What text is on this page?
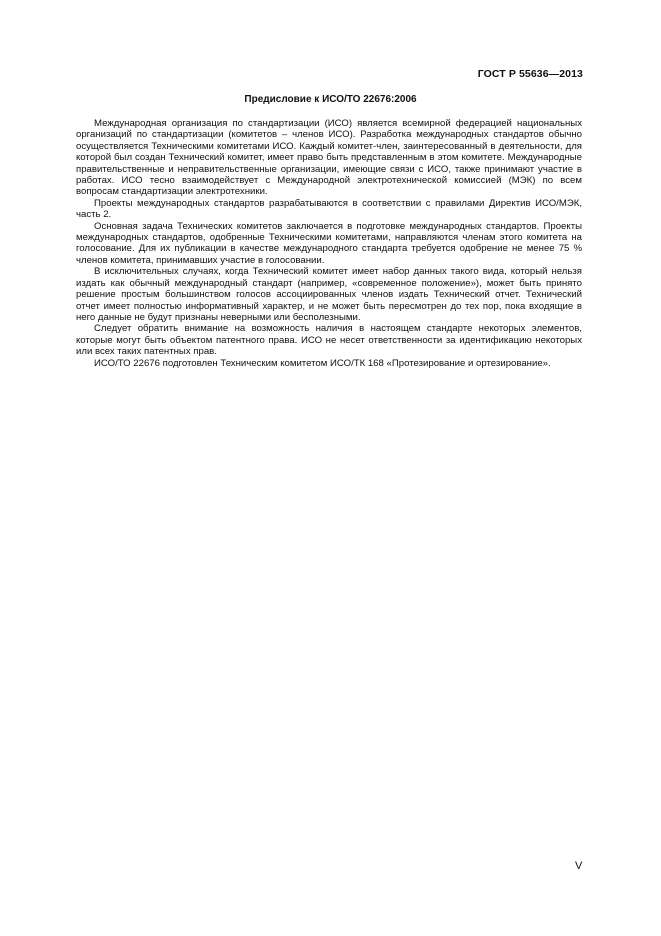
ГОСТ Р 55636—2013
Предисловие к ИСО/ТО 22676:2006

Международная организация по стандартизации (ИСО) является всемирной федерацией национальных организаций по стандартизации (комитетов – членов ИСО). Разработка международных стандартов обычно осуществляется Техническими комитетами ИСО. Каждый комитет-член, заинтересованный в деятельности, для которой был создан Технический комитет, имеет право быть представленным в этом комитете. Международные правительственные и неправительственные организации, имеющие связи с ИСО, также принимают участие в работах. ИСО тесно взаимодействует с Международной электротехнической комиссией (МЭК) по всем вопросам стандартизации электротехники.

Проекты международных стандартов разрабатываются в соответствии с правилами Директив ИСО/МЭК, часть 2.

Основная задача Технических комитетов заключается в подготовке международных стандартов. Проекты международных стандартов, одобренные Техническими комитетами, направляются членам этого комитета на голосование. Для их публикации в качестве международного стандарта требуется одобрение не менее 75 % членов комитета, принимавших участие в голосовании.

В исключительных случаях, когда Технический комитет имеет набор данных такого вида, который нельзя издать как обычный международный стандарт (например, «современное положение»), может быть принято решение простым большинством голосов ассоциированных членов издать Технический отчет. Технический отчет имеет полностью информативный характер, и не может быть пересмотрен до тех пор, пока входящие в него данные не будут признаны неверными или бесполезными.

Следует обратить внимание на возможность наличия в настоящем стандарте некоторых элементов, которые могут быть объектом патентного права. ИСО не несет ответственности за идентификацию некоторых или всех таких патентных прав.

ИСО/ТО 22676 подготовлен Техническим комитетом ИСО/ТК 168 «Протезирование и ортезирование».

V
